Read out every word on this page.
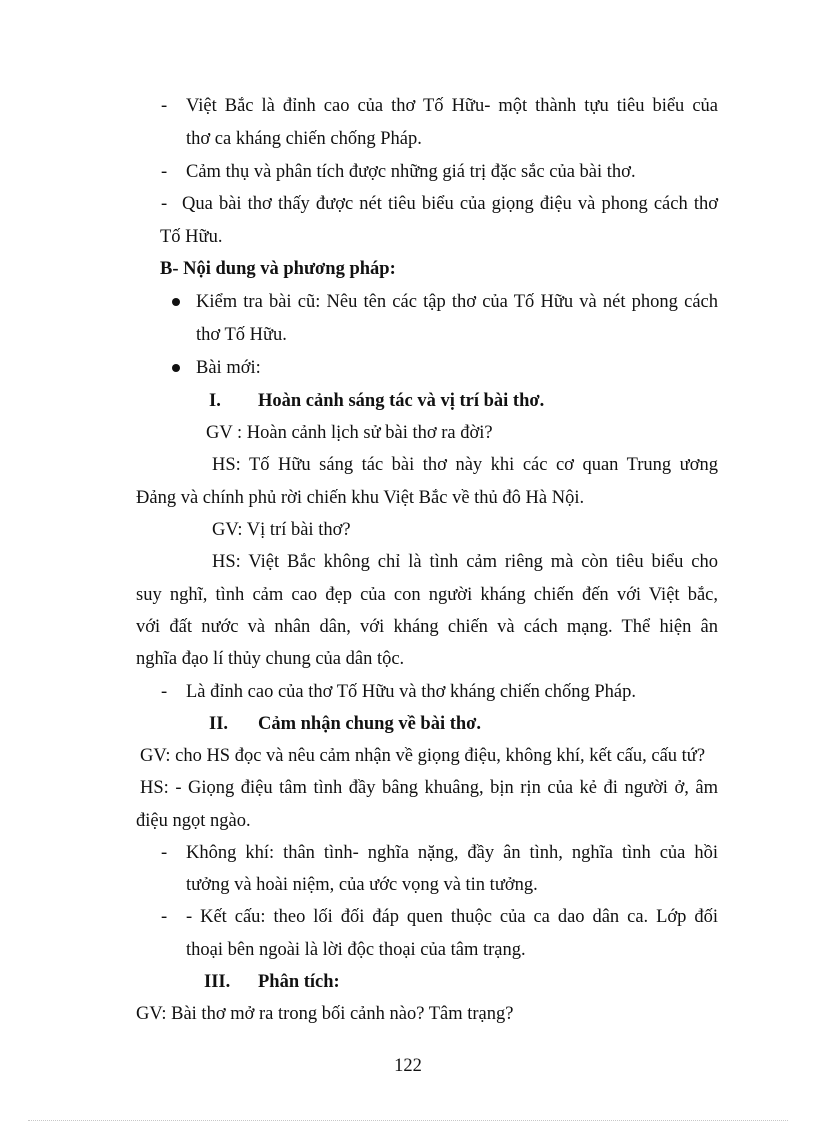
- Việt Bắc là đỉnh cao của thơ Tố Hữu- một thành tựu tiêu biểu của

thơ ca kháng chiến chống Pháp.

- Cảm thụ và phân tích được những giá trị đặc sắc của bài thơ.

- Qua bài thơ thấy được nét tiêu biểu của giọng điệu và phong cách thơ

Tố Hữu.

B- Nội dung và phương pháp:

Kiểm tra bài cũ: Nêu tên các tập thơ của Tố Hữu và nét phong cách

thơ Tố Hữu.

Bài mới:

I. Hoàn cảnh sáng tác và vị trí bài thơ.

GV : Hoàn cảnh lịch sử bài thơ ra đời?

HS: Tố Hữu sáng tác bài thơ này khi các cơ quan Trung ương

Đảng và chính phủ rời chiến khu Việt Bắc về thủ đô Hà Nội.

GV: Vị trí bài thơ?

HS: Việt Bắc không chỉ là tình cảm riêng mà còn tiêu biểu cho

suy nghĩ, tình cảm cao đẹp của con người kháng chiến đến với Việt bắc,

với đất nước và nhân dân, với kháng chiến và cách mạng. Thể hiện ân

nghĩa đạo lí thủy chung của dân tộc.

- Là đỉnh cao của thơ Tố Hữu và thơ kháng chiến chống Pháp.

II. Cảm nhận chung về bài thơ.

GV: cho HS đọc và nêu cảm nhận về giọng điệu, không khí, kết cấu, cấu tứ?

HS: - Giọng điệu tâm tình đầy bâng khuâng, bịn rịn của kẻ đi người ở, âm

điệu ngọt ngào.

- Không khí: thân tình- nghĩa nặng, đầy ân tình, nghĩa tình của hồi

tưởng và hoài niệm, của ước vọng và tin tưởng.

- - Kết cấu: theo lối đối đáp quen thuộc của ca dao dân ca. Lớp đối

thoại bên ngoài là lời độc thoại của tâm trạng.

III. Phân tích:

GV: Bài thơ mở ra trong bối cảnh nào? Tâm trạng?

122
